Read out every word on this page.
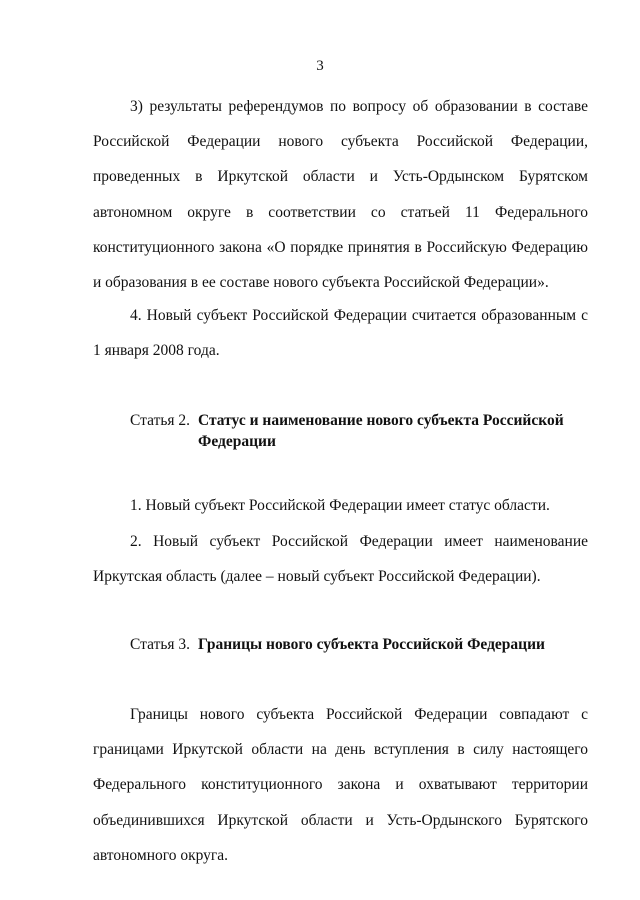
3

3) результаты референдумов по вопросу об образовании в составе Российской Федерации нового субъекта Российской Федерации, проведенных в Иркутской области и Усть-Ордынском Бурятском автономном округе в соответствии со статьей 11 Федерального конституционного закона «О порядке принятия в Российскую Федерацию и образования в ее составе нового субъекта Российской Федерации».

4. Новый субъект Российской Федерации считается образованным с 1 января 2008 года.

Статья 2. Статус и наименование нового субъекта Российской Федерации

1. Новый субъект Российской Федерации имеет статус области.

2. Новый субъект Российской Федерации имеет наименование Иркутская область (далее – новый субъект Российской Федерации).

Статья 3. Границы нового субъекта Российской Федерации

Границы нового субъекта Российской Федерации совпадают с границами Иркутской области на день вступления в силу настоящего Федерального конституционного закона и охватывают территории объединившихся Иркутской области и Усть-Ордынского Бурятского автономного округа.
